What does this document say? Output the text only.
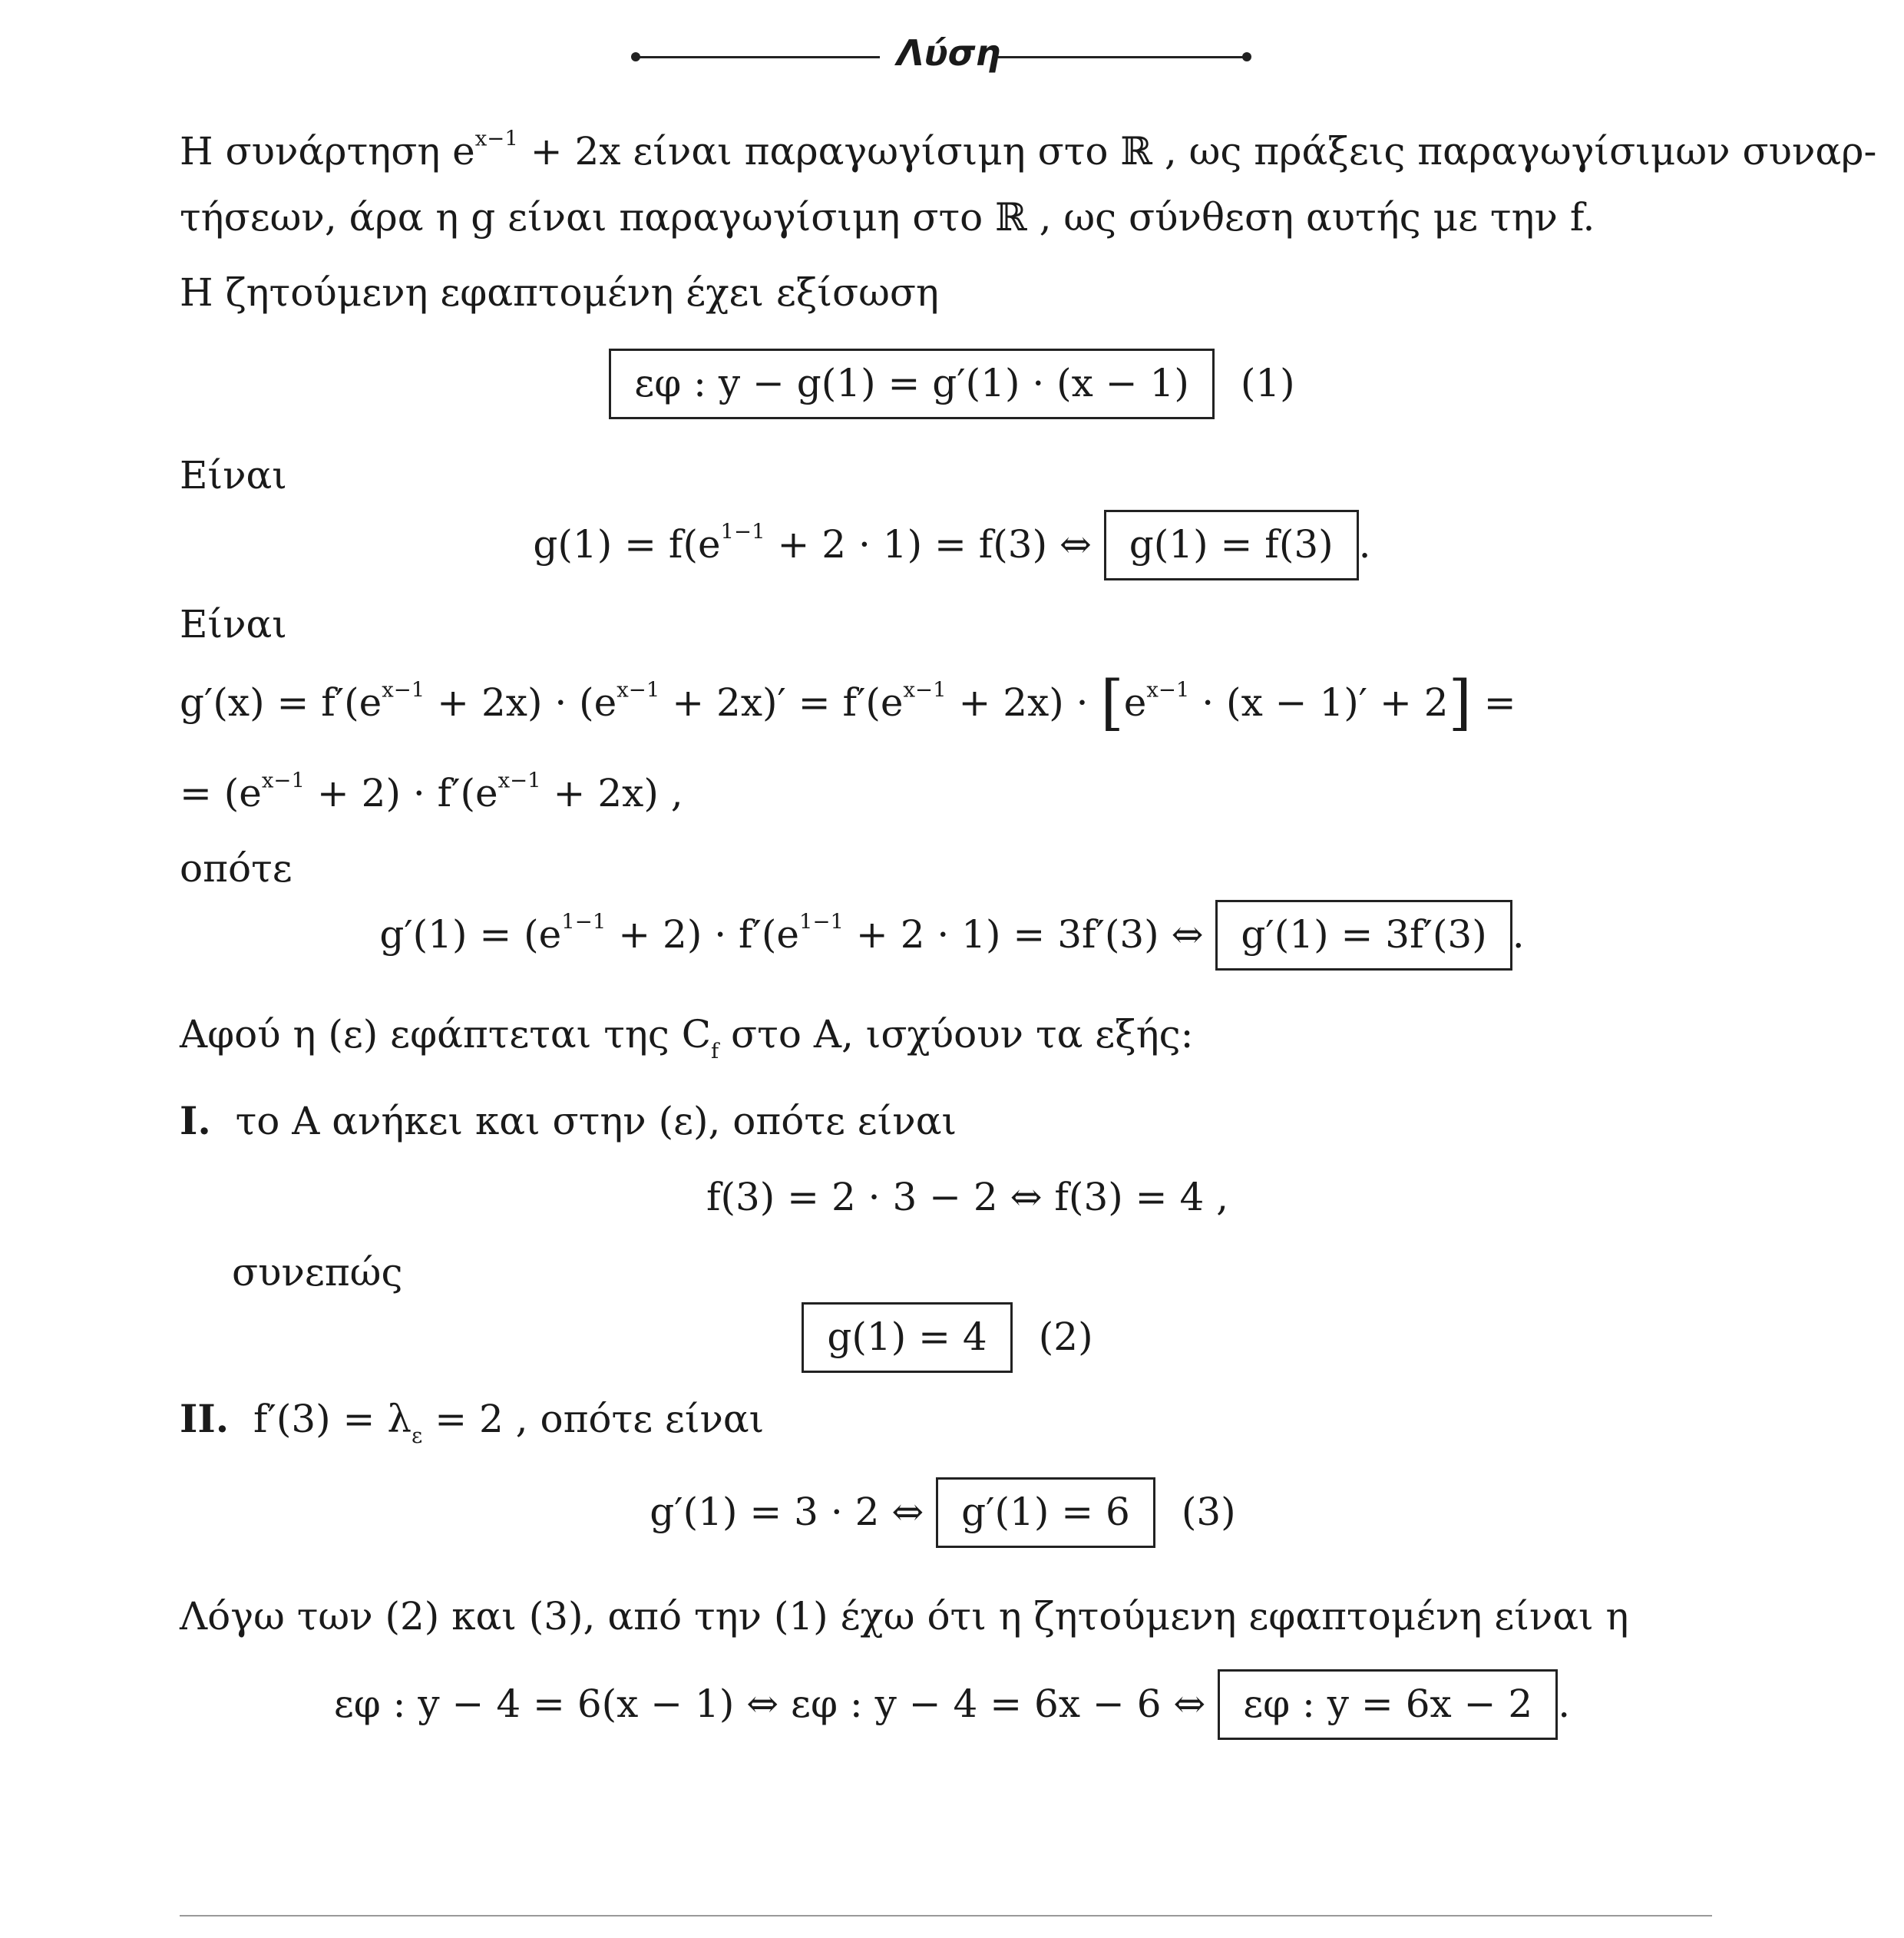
Λύση
Η συνάρτηση $e^{x-1} + 2x$ είναι παραγωγίσιμη στο ℝ , ως πράξεις παραγωγίσιμων συναρ-
τήσεων, άρα η g είναι παραγωγίσιμη στο ℝ , ως σύνθεση αυτής με την f.
Η ζητούμενη εφαπτομένη έχει εξίσωση
εφ : y − g(1) = g′(1) · (x − 1) (1)
Είναι
$g(1) = f(e^{1-1} + 2 \cdot 1) = f(3)$ ⇔ g(1) = f(3) .
Είναι
$g'(x) = f'(e^{x-1} + 2x) \cdot (e^{x-1} + 2x)' = f'(e^{x-1} + 2x) \cdot [e^{x-1} \cdot (x - 1)' + 2]$ =
= $(e^{x-1} + 2) \cdot f'(e^{x-1} + 2x)$ ,
οπότε
$g'(1) = (e^{1-1} + 2) \cdot f'(e^{1-1} + 2 \cdot 1) = 3f'(3)$ ⇔ g′(1) = 3f′(3) .
Αφού η (ε) εφάπτεται της $C_f$ στο A, ισχύουν τα εξής:
I. το A ανήκει και στην (ε), οπότε είναι
f(3) = 2 · 3 − 2 ⇔ f(3) = 4 ,
συνεπώς
g(1) = 4 (2)
II. $f'(3) = \lambda_\varepsilon = 2$ , οπότε είναι
g′(1) = 3 · 2 ⇔ g′(1) = 6 (3)
Λόγω των (2) και (3), από την (1) έχω ότι η ζητούμενη εφαπτομένη είναι η
εφ : y − 4 = 6(x − 1) ⇔ εφ : y − 4 = 6x − 6 ⇔ εφ : y = 6x − 2 .
